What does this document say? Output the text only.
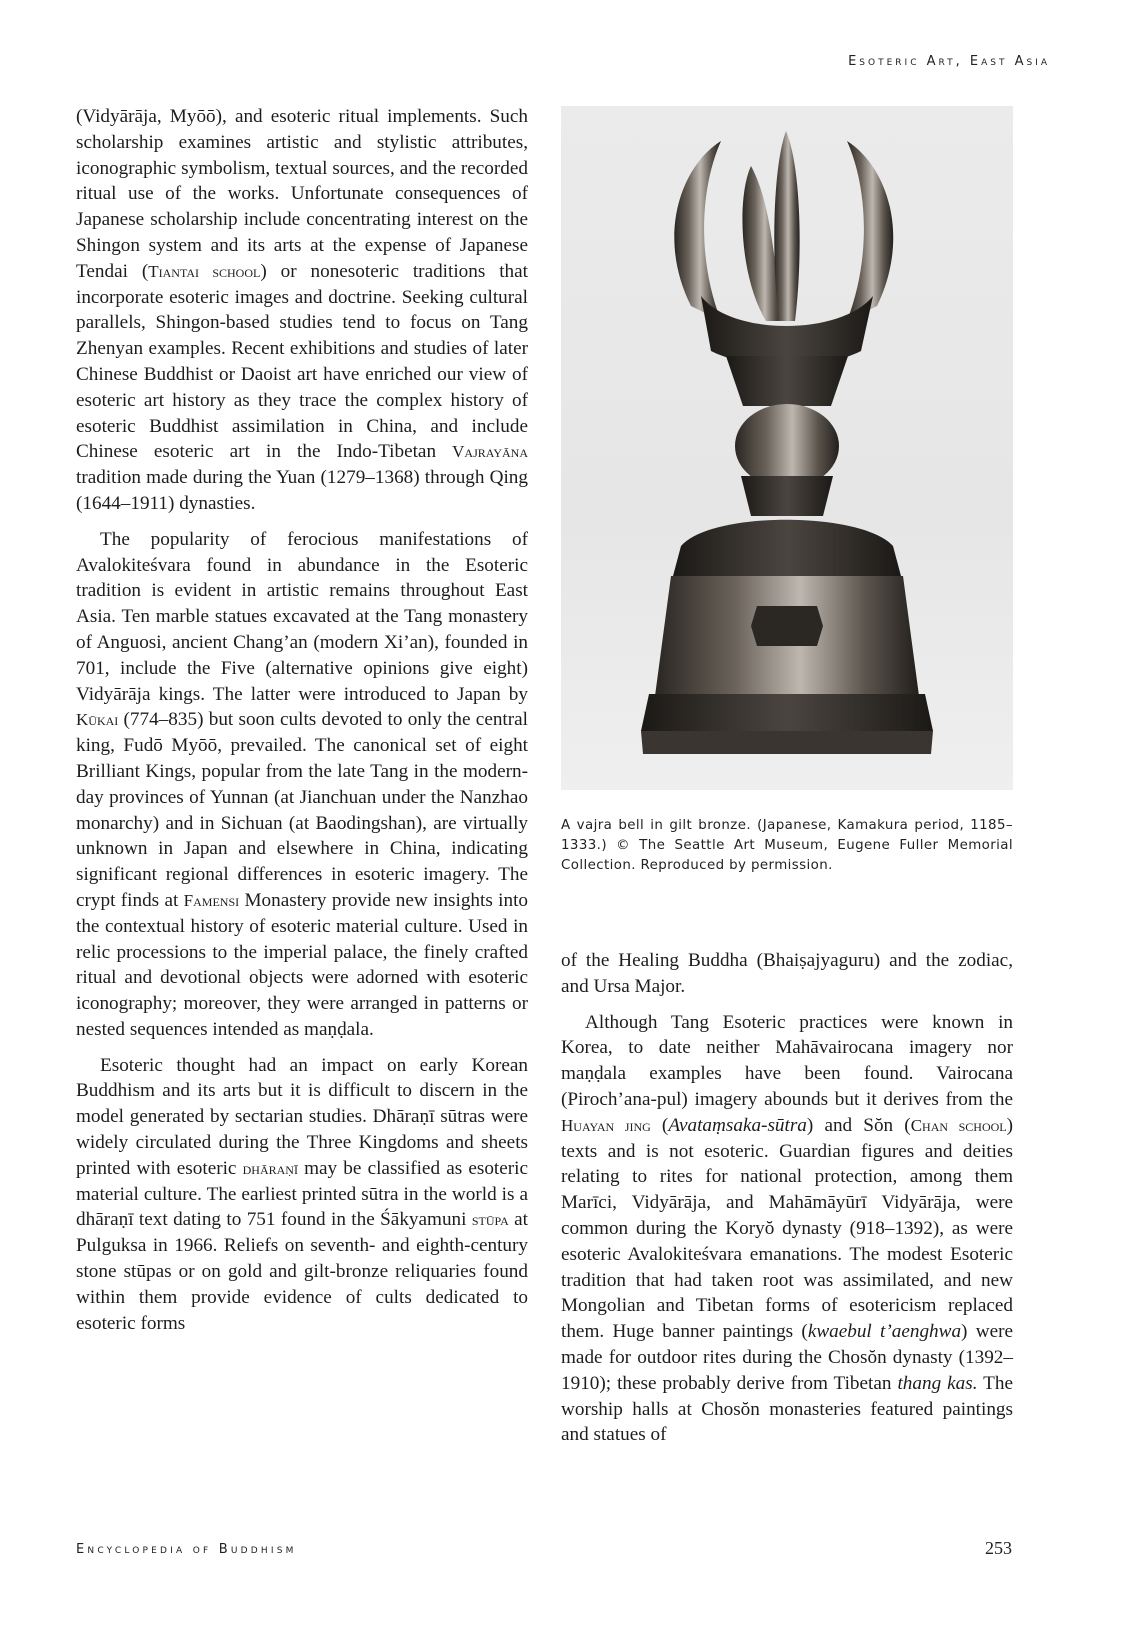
Esoteric Art, East Asia

(Vidyārāja, Myōō), and esoteric ritual implements. Such scholarship examines artistic and stylistic attributes, iconographic symbolism, textual sources, and the recorded ritual use of the works. Unfortunate consequences of Japanese scholarship include concentrating interest on the Shingon system and its arts at the expense of Japanese Tendai (Tiantai school) or nonesoteric traditions that incorporate esoteric images and doctrine. Seeking cultural parallels, Shingon-based studies tend to focus on Tang Zhenyan examples. Recent exhibitions and studies of later Chinese Buddhist or Daoist art have enriched our view of esoteric art history as they trace the complex history of esoteric Buddhist assimilation in China, and include Chinese esoteric art in the Indo-Tibetan Vajrayāna tradition made during the Yuan (1279–1368) through Qing (1644–1911) dynasties.

The popularity of ferocious manifestations of Avalokiteśvara found in abundance in the Esoteric tradition is evident in artistic remains throughout East Asia. Ten marble statues excavated at the Tang monastery of Anguosi, ancient Chang’an (modern Xi’an), founded in 701, include the Five (alternative opinions give eight) Vidyārāja kings. The latter were introduced to Japan by Kūkai (774–835) but soon cults devoted to only the central king, Fudō Myōō, prevailed. The canonical set of eight Brilliant Kings, popular from the late Tang in the modern-day provinces of Yunnan (at Jianchuan under the Nanzhao monarchy) and in Sichuan (at Baodingshan), are virtually unknown in Japan and elsewhere in China, indicating significant regional differences in esoteric imagery. The crypt finds at Famensi Monastery provide new insights into the contextual history of esoteric material culture. Used in relic processions to the imperial palace, the finely crafted ritual and devotional objects were adorned with esoteric iconography; moreover, they were arranged in patterns or nested sequences intended as maṇḍala.

Esoteric thought had an impact on early Korean Buddhism and its arts but it is difficult to discern in the model generated by sectarian studies. Dhāraṇī sūtras were widely circulated during the Three Kingdoms and sheets printed with esoteric dhāraṇī may be classified as esoteric material culture. The earliest printed sūtra in the world is a dhāraṇī text dating to 751 found in the Śākyamuni stūpa at Pulguksa in 1966. Reliefs on seventh- and eighth-century stone stūpas or on gold and gilt-bronze reliquaries found within them provide evidence of cults dedicated to esoteric forms

A vajra bell in gilt bronze. (Japanese, Kamakura period, 1185–1333.) © The Seattle Art Museum, Eugene Fuller Memorial Collection. Reproduced by permission.

of the Healing Buddha (Bhaiṣajyaguru) and the zodiac, and Ursa Major.

Although Tang Esoteric practices were known in Korea, to date neither Mahāvairocana imagery nor maṇḍala examples have been found. Vairocana (Piroch’ana-pul) imagery abounds but it derives from the Huayan jing (Avataṃsaka-sūtra) and Sŏn (Chan school) texts and is not esoteric. Guardian figures and deities relating to rites for national protection, among them Marīci, Vidyārāja, and Mahāmāyūrī Vidyārāja, were common during the Koryŏ dynasty (918–1392), as were esoteric Avalokiteśvara emanations. The modest Esoteric tradition that had taken root was assimilated, and new Mongolian and Tibetan forms of esotericism replaced them. Huge banner paintings (kwaebul t’aenghwa) were made for outdoor rites during the Chosŏn dynasty (1392–1910); these probably derive from Tibetan thang kas. The worship halls at Chosŏn monasteries featured paintings and statues of

Encyclopedia of Buddhism	253
